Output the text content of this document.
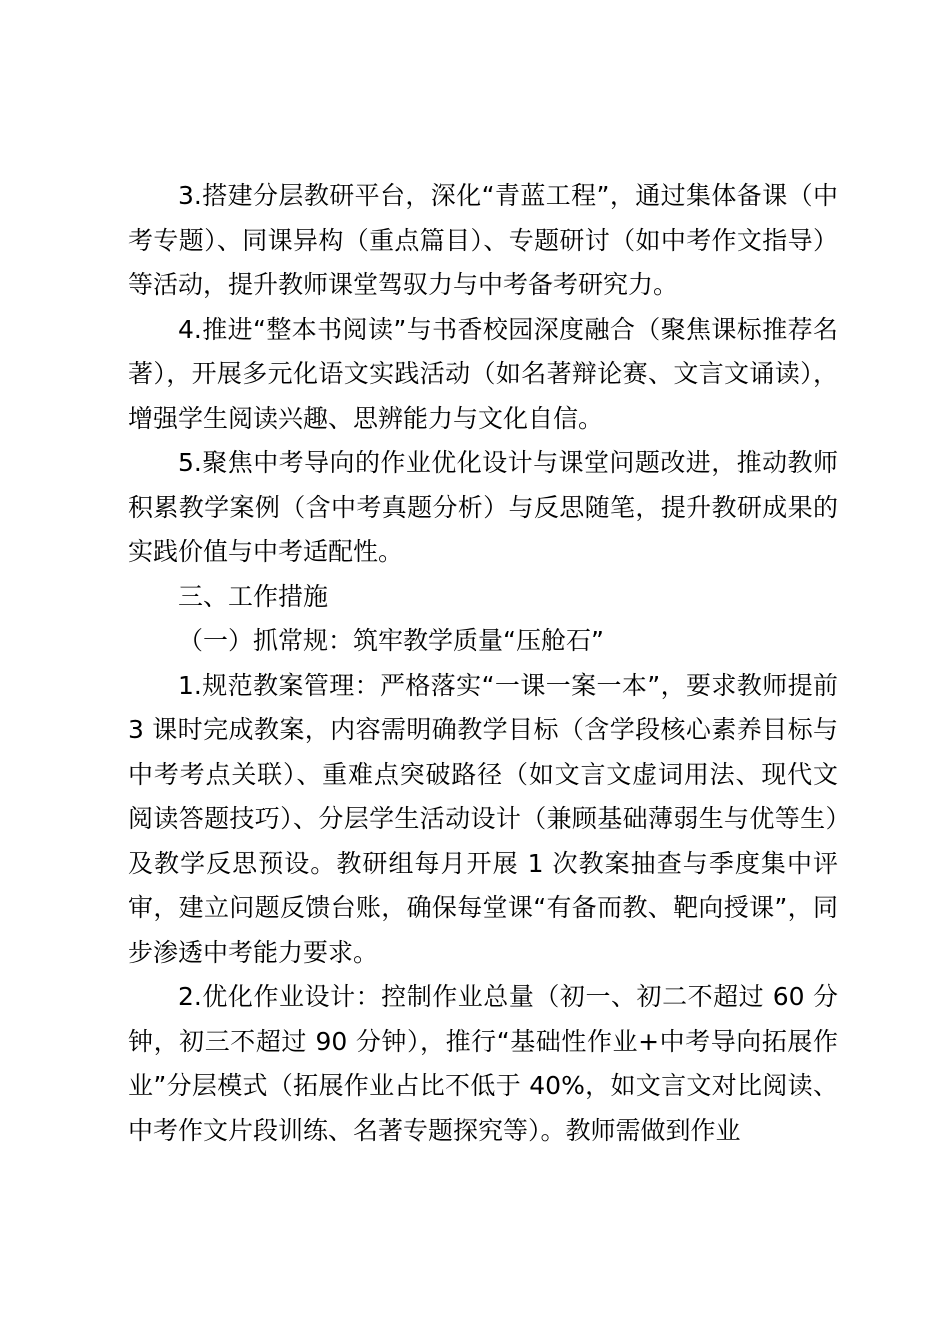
3.搭建分层教研平台，深化“青蓝工程”，通过集体备课（中考专题）、同课异构（重点篇目）、专题研讨（如中考作文指导）等活动，提升教师课堂驾驭力与中考备考研究力。

4.推进“整本书阅读”与书香校园深度融合（聚焦课标推荐名著），开展多元化语文实践活动（如名著辩论赛、文言文诵读），增强学生阅读兴趣、思辨能力与文化自信。

5.聚焦中考导向的作业优化设计与课堂问题改进，推动教师积累教学案例（含中考真题分析）与反思随笔，提升教研成果的实践价值与中考适配性。

三、工作措施

（一）抓常规：筑牢教学质量“压舱石”

1.规范教案管理：严格落实“一课一案一本”，要求教师提前 3 课时完成教案，内容需明确教学目标（含学段核心素养目标与中考考点关联）、重难点突破路径（如文言文虚词用法、现代文阅读答题技巧）、分层学生活动设计（兼顾基础薄弱生与优等生）及教学反思预设。教研组每月开展 1 次教案抽查与季度集中评审，建立问题反馈台账，确保每堂课“有备而教、靶向授课”，同步渗透中考能力要求。

2.优化作业设计：控制作业总量（初一、初二不超过 60 分钟，初三不超过 90 分钟），推行“基础性作业+中考导向拓展作业”分层模式（拓展作业占比不低于 40%，如文言文对比阅读、中考作文片段训练、名著专题探究等）。教师需做到作业
